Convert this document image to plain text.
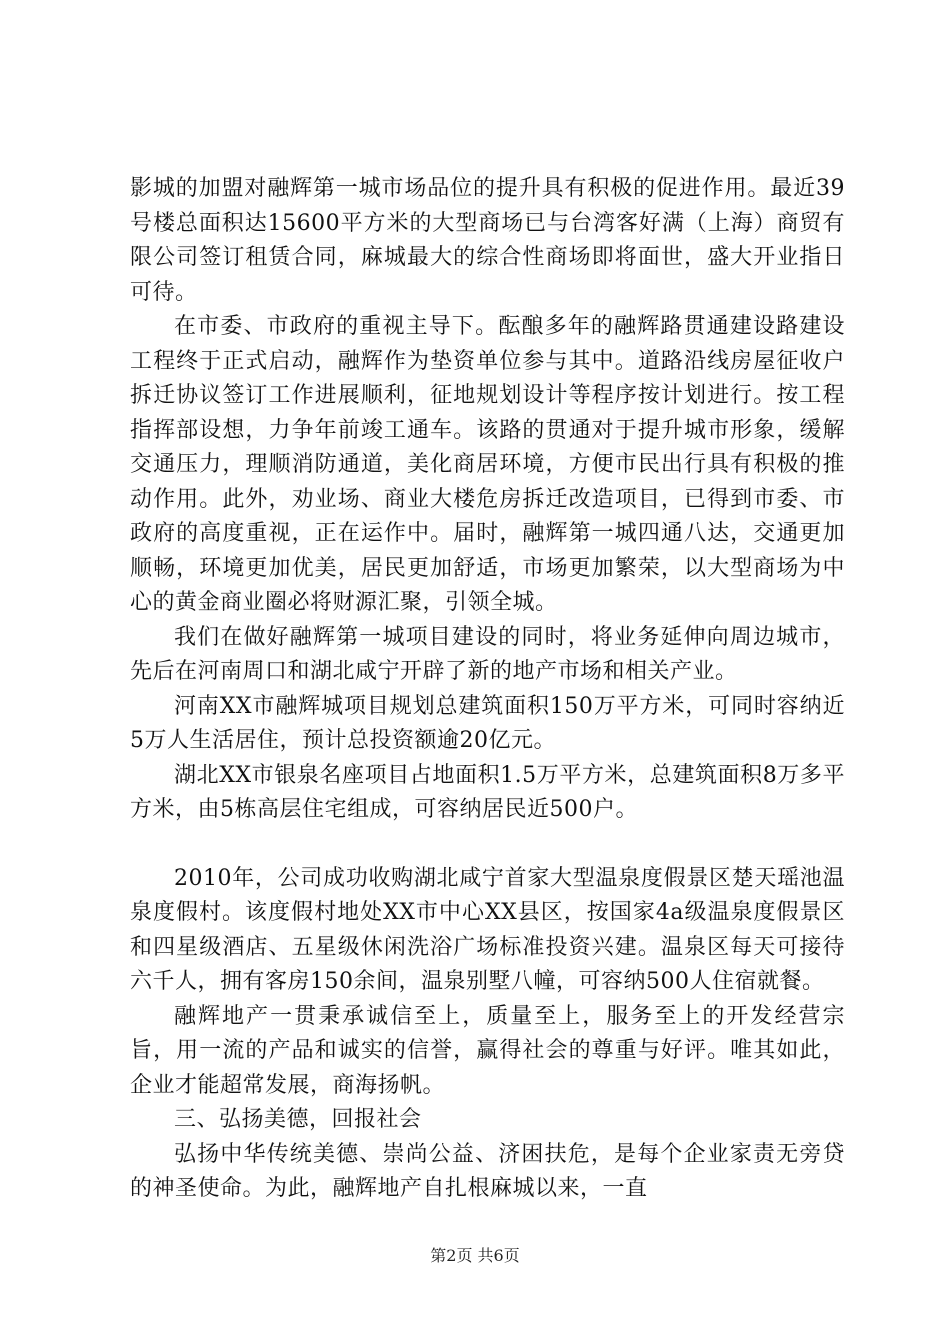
影城的加盟对融辉第一城市场品位的提升具有积极的促进作用。最近39号楼总面积达15600平方米的大型商场已与台湾客好满（上海）商贸有限公司签订租赁合同，麻城最大的综合性商场即将面世，盛大开业指日可待。

在市委、市政府的重视主导下。酝酿多年的融辉路贯通建设路建设工程终于正式启动，融辉作为垫资单位参与其中。道路沿线房屋征收户拆迁协议签订工作进展顺利，征地规划设计等程序按计划进行。按工程指挥部设想，力争年前竣工通车。该路的贯通对于提升城市形象，缓解交通压力，理顺消防通道，美化商居环境，方便市民出行具有积极的推动作用。此外，劝业场、商业大楼危房拆迁改造项目，已得到市委、市政府的高度重视，正在运作中。届时，融辉第一城四通八达，交通更加顺畅，环境更加优美，居民更加舒适，市场更加繁荣，以大型商场为中心的黄金商业圈必将财源汇聚，引领全城。

我们在做好融辉第一城项目建设的同时，将业务延伸向周边城市，先后在河南周口和湖北咸宁开辟了新的地产市场和相关产业。

河南XX市融辉城项目规划总建筑面积150万平方米，可同时容纳近5万人生活居住，预计总投资额逾20亿元。

湖北XX市银泉名座项目占地面积1.5万平方米，总建筑面积8万多平方米，由5栋高层住宅组成，可容纳居民近500户。

2010年，公司成功收购湖北咸宁首家大型温泉度假景区楚天瑶池温泉度假村。该度假村地处XX市中心XX县区，按国家4a级温泉度假景区和四星级酒店、五星级休闲洗浴广场标准投资兴建。温泉区每天可接待六千人，拥有客房150余间，温泉别墅八幢，可容纳500人住宿就餐。

融辉地产一贯秉承诚信至上，质量至上，服务至上的开发经营宗旨，用一流的产品和诚实的信誉，赢得社会的尊重与好评。唯其如此，企业才能超常发展，商海扬帆。

三、弘扬美德，回报社会

弘扬中华传统美德、崇尚公益、济困扶危，是每个企业家责无旁贷的神圣使命。为此，融辉地产自扎根麻城以来，一直

第2页 共6页
